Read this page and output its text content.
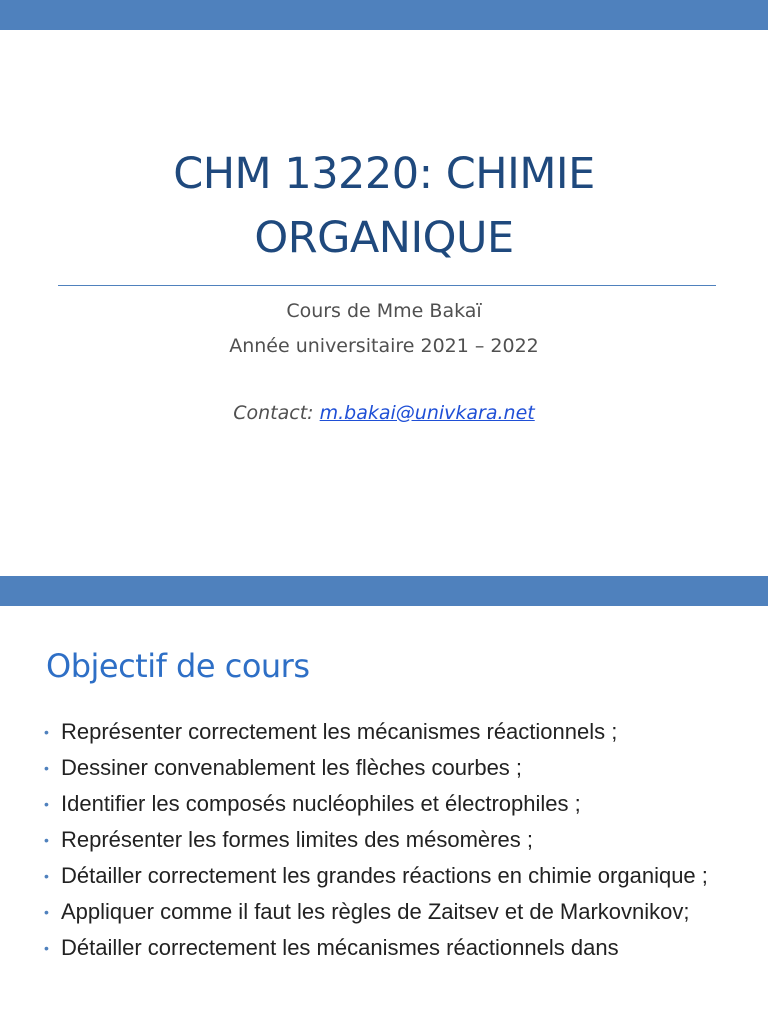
CHM 13220: CHIMIE
ORGANIQUE
Cours de Mme Bakaï
Année universitaire 2021 – 2022
Contact: m.bakai@univkara.net
Objectif de cours
• Représenter correctement les mécanismes réactionnels ;
• Dessiner convenablement les flèches courbes ;
• Identifier les composés nucléophiles et électrophiles ;
• Représenter les formes limites des mésomères ;
• Détailler correctement les grandes réactions en chimie organique ;
• Appliquer comme il faut les règles de Zaitsev et de Markovnikov;
• Détailler correctement les mécanismes réactionnels dans
